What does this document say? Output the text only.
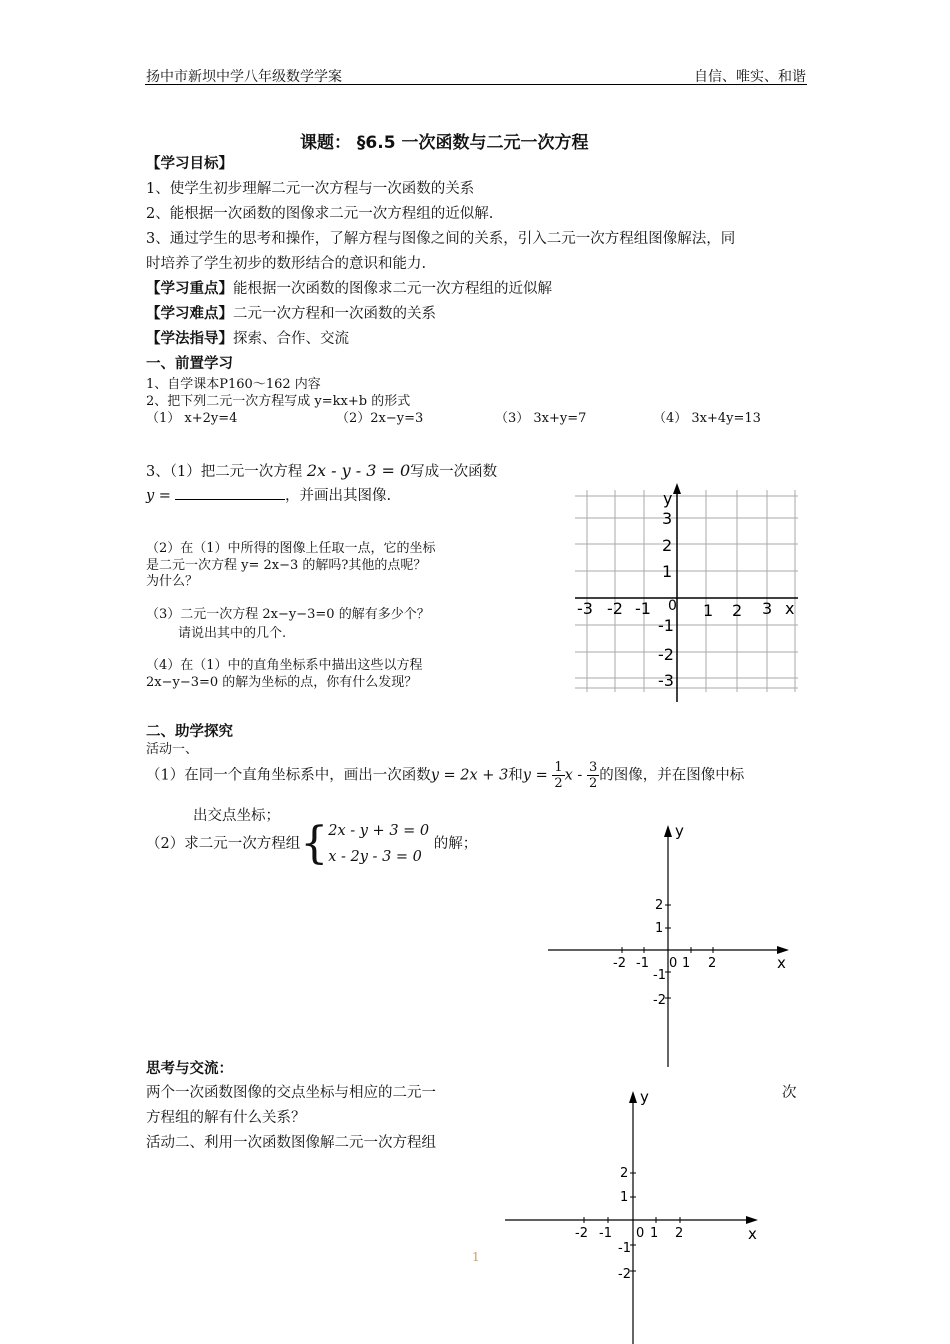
扬中市新坝中学八年级数学学案	自信、唯实、和谐
课题： §6.5 一次函数与二元一次方程
【学习目标】
1、使学生初步理解二元一次方程与一次函数的关系
2、能根据一次函数的图像求二元一次方程组的近似解.
3、通过学生的思考和操作，了解方程与图像之间的关系，引入二元一次方程组图像解法，同
时培养了学生初步的数形结合的意识和能力.
【学习重点】能根据一次函数的图像求二元一次方程组的近似解
【学习难点】二元一次方程和一次函数的关系
【学法指导】探索、合作、交流
一、前置学习
1、自学课本P160～162 内容
2、把下列二元一次方程写成 y=kx+b 的形式
（1） x+2y=4	（2）2x−y=3	（3） 3x+y=7	（4） 3x+4y=13
3、（1）把二元一次方程 2x - y - 3 = 0写成一次函数
y =	，并画出其图像.
（2）在（1）中所得的图像上任取一点，它的坐标
是二元一次方程 y= 2x−3 的解吗?其他的点呢？
为什么？
（3）二元一次方程 2x−y−3=0 的解有多少个？
请说出其中的几个.
（4）在（1）中的直角坐标系中描出这些以方程
2x−y−3=0 的解为坐标的点，你有什么发现？
y
x
-3 -2 -1 0 1 2 3
3
2
1
-1
-2
-3
二、助学探究
活动一、
（1）在同一个直角坐标系中，画出一次函数y = 2x + 3和$y = \frac{1}{2}$ x - $\frac{3}{2}$ 的图像，并在图像中标
出交点坐标；
（2）求二元一次方程组{ 2x - y + 3 = 0
x - 2y - 3 = 0
的解；
y
x
-2 -1 0 1 2
2
1
-1
-2
思考与交流：
两个一次函数图像的交点坐标与相应的二元一	次
方程组的解有什么关系？
活动二、利用一次函数图像解二元一次方程组
y
x
-2 -1 0 1 2
2
1
-1
-2
1
